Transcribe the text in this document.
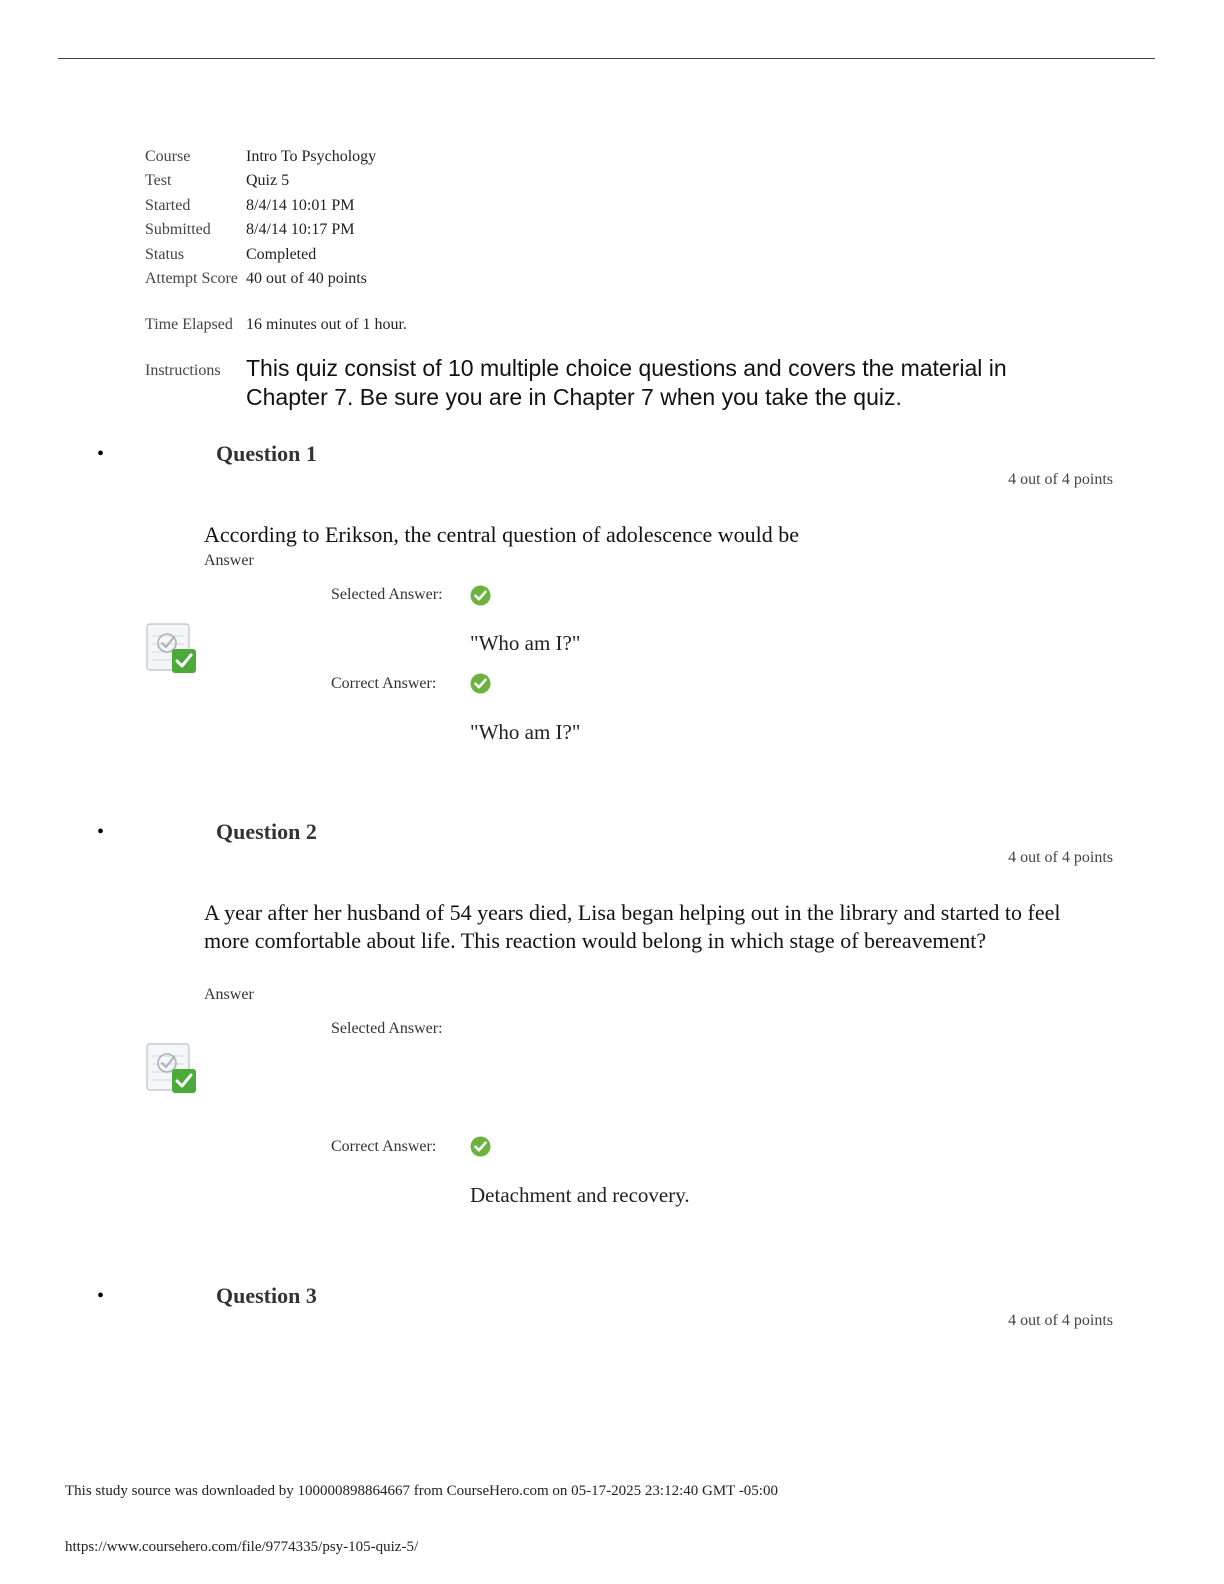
Course	Intro To Psychology
Test	Quiz 5
Started	8/4/14 10:01 PM
Submitted	8/4/14 10:17 PM
Status	Completed
Attempt Score 40 out of 40 points
Time Elapsed 16 minutes out of 1 hour.
Instructions	This quiz consist of 10 multiple choice questions and covers the material in Chapter 7. Be sure you are in Chapter 7 when you take the quiz.
•	Question 1
4 out of 4 points
According to Erikson, the central question of adolescence would be
Answer
Selected Answer:
"Who am I?"
Correct Answer:
"Who am I?"
•	Question 2
4 out of 4 points
A year after her husband of 54 years died, Lisa began helping out in the library and started to feel more comfortable about life. This reaction would belong in which stage of bereavement?
Answer
Selected Answer:
Correct Answer:
Detachment and recovery.
•	Question 3
4 out of 4 points
This study source was downloaded by 100000898864667 from CourseHero.com on 05-17-2025 23:12:40 GMT -05:00
https://www.coursehero.com/file/9774335/psy-105-quiz-5/
